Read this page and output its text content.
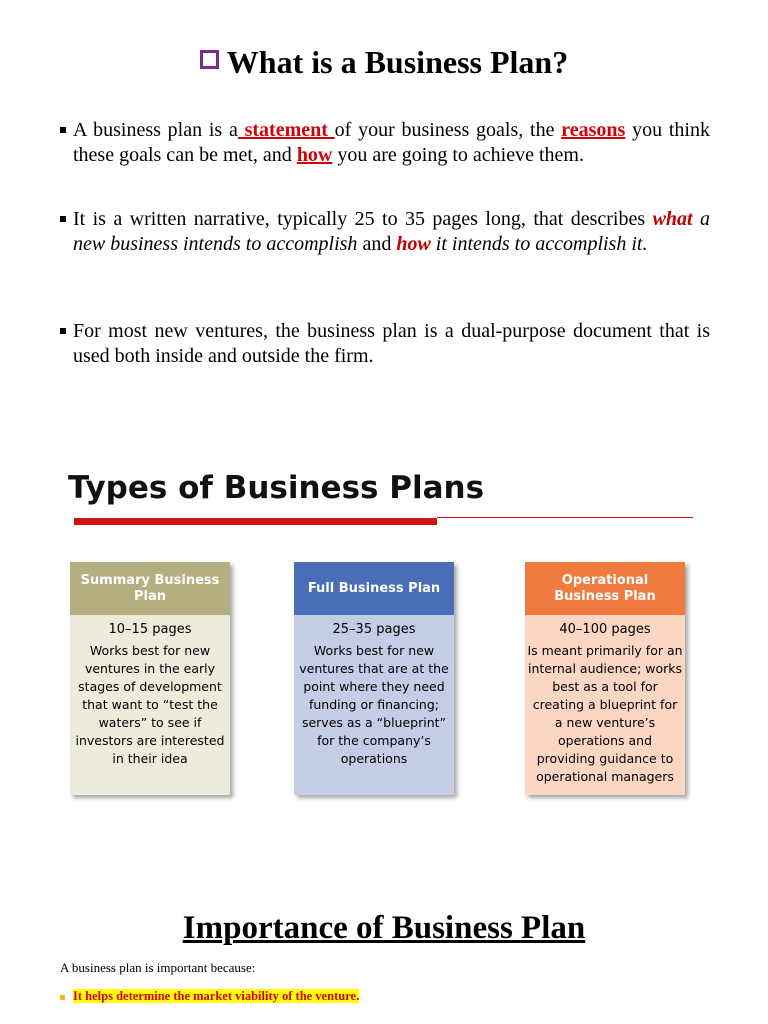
What is a Business Plan?
A business plan is a statement of your business goals, the reasons you think these goals can be met, and how you are going to achieve them.
It is a written narrative, typically 25 to 35 pages long, that describes what a new business intends to accomplish and how it intends to accomplish it.
For most new ventures, the business plan is a dual-purpose document that is used both inside and outside the firm.
Types of Business Plans
Summary Business Plan
10–15 pages
Works best for new ventures in the early stages of development that want to “test the waters” to see if investors are interested in their idea
Full Business Plan
25–35 pages
Works best for new ventures that are at the point where they need funding or financing; serves as a “blueprint” for the company’s operations
Operational Business Plan
40–100 pages
Is meant primarily for an internal audience; works best as a tool for creating a blueprint for a new venture’s operations and providing guidance to operational managers
Importance of Business Plan
A business plan is important because:
It helps determine the market viability of the venture.
